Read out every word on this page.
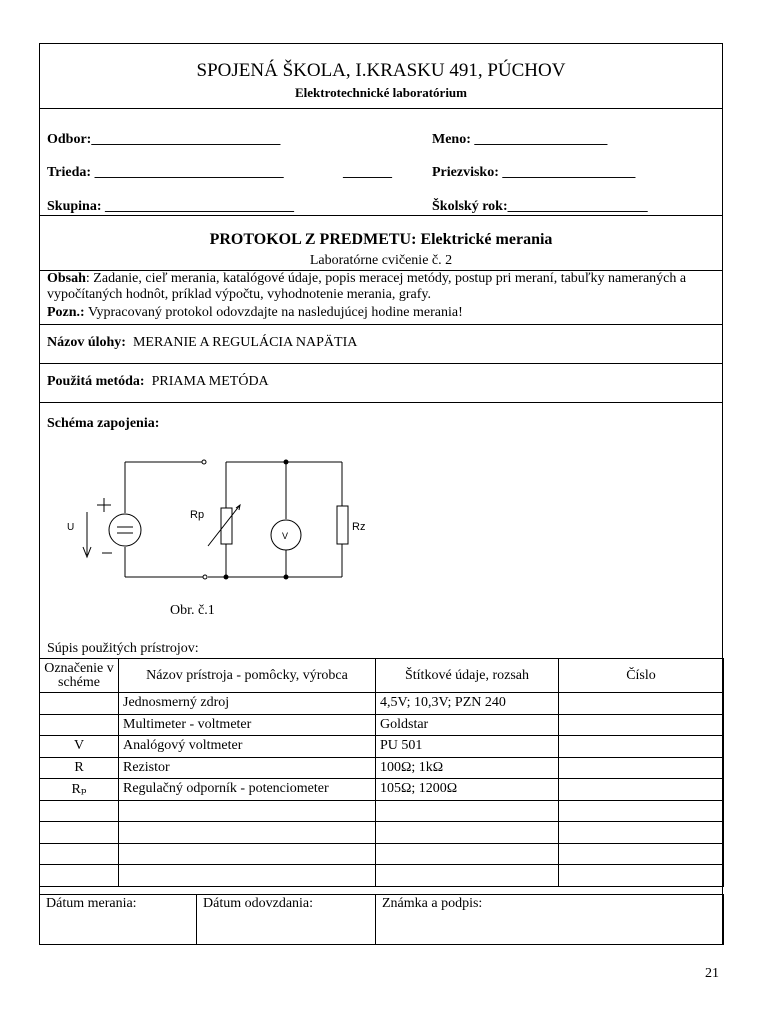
SPOJENÁ ŠKOLA, I.KRASKU 491, PÚCHOV
Elektrotechnické laboratórium
Odbor:___________________________
Trieda: ___________________________	_______
Skupina: ___________________________
Meno: ___________________
Priezvisko: ___________________
Školský rok:____________________
PROTOKOL Z PREDMETU: Elektrické merania
Laboratórne cvičenie č. 2
Obsah: Zadanie, cieľ merania, katalógové údaje, popis meracej metódy, postup pri meraní, tabuľky nameraných a vypočítaných hodnôt, príklad výpočtu, vyhodnotenie merania, grafy.
Pozn.: Vypracovaný protokol odovzdajte na nasledujúcej hodine merania!
Názov úlohy: MERANIE A REGULÁCIA NAPÄTIA
Použitá metóda: PRIAMA METÓDA
Schéma zapojenia:
U
Rp
V
Rz
Obr. č.1
Súpis použitých prístrojov:
Označenie v schéme	Názov prístroja - pomôcky, výrobca	Štítkové údaje, rozsah	Číslo
	Jednosmerný zdroj	4,5V; 10,3V; PZN 240	
	Multimeter - voltmeter	Goldstar	
V	Analógový voltmeter	PU 501	
R	Rezistor	100Ω; 1kΩ	
Rₚ	Regulačný odporník - potenciometer	105Ω; 1200Ω	

Dátum merania:	Dátum odovzdania:	Známka a podpis:
21
